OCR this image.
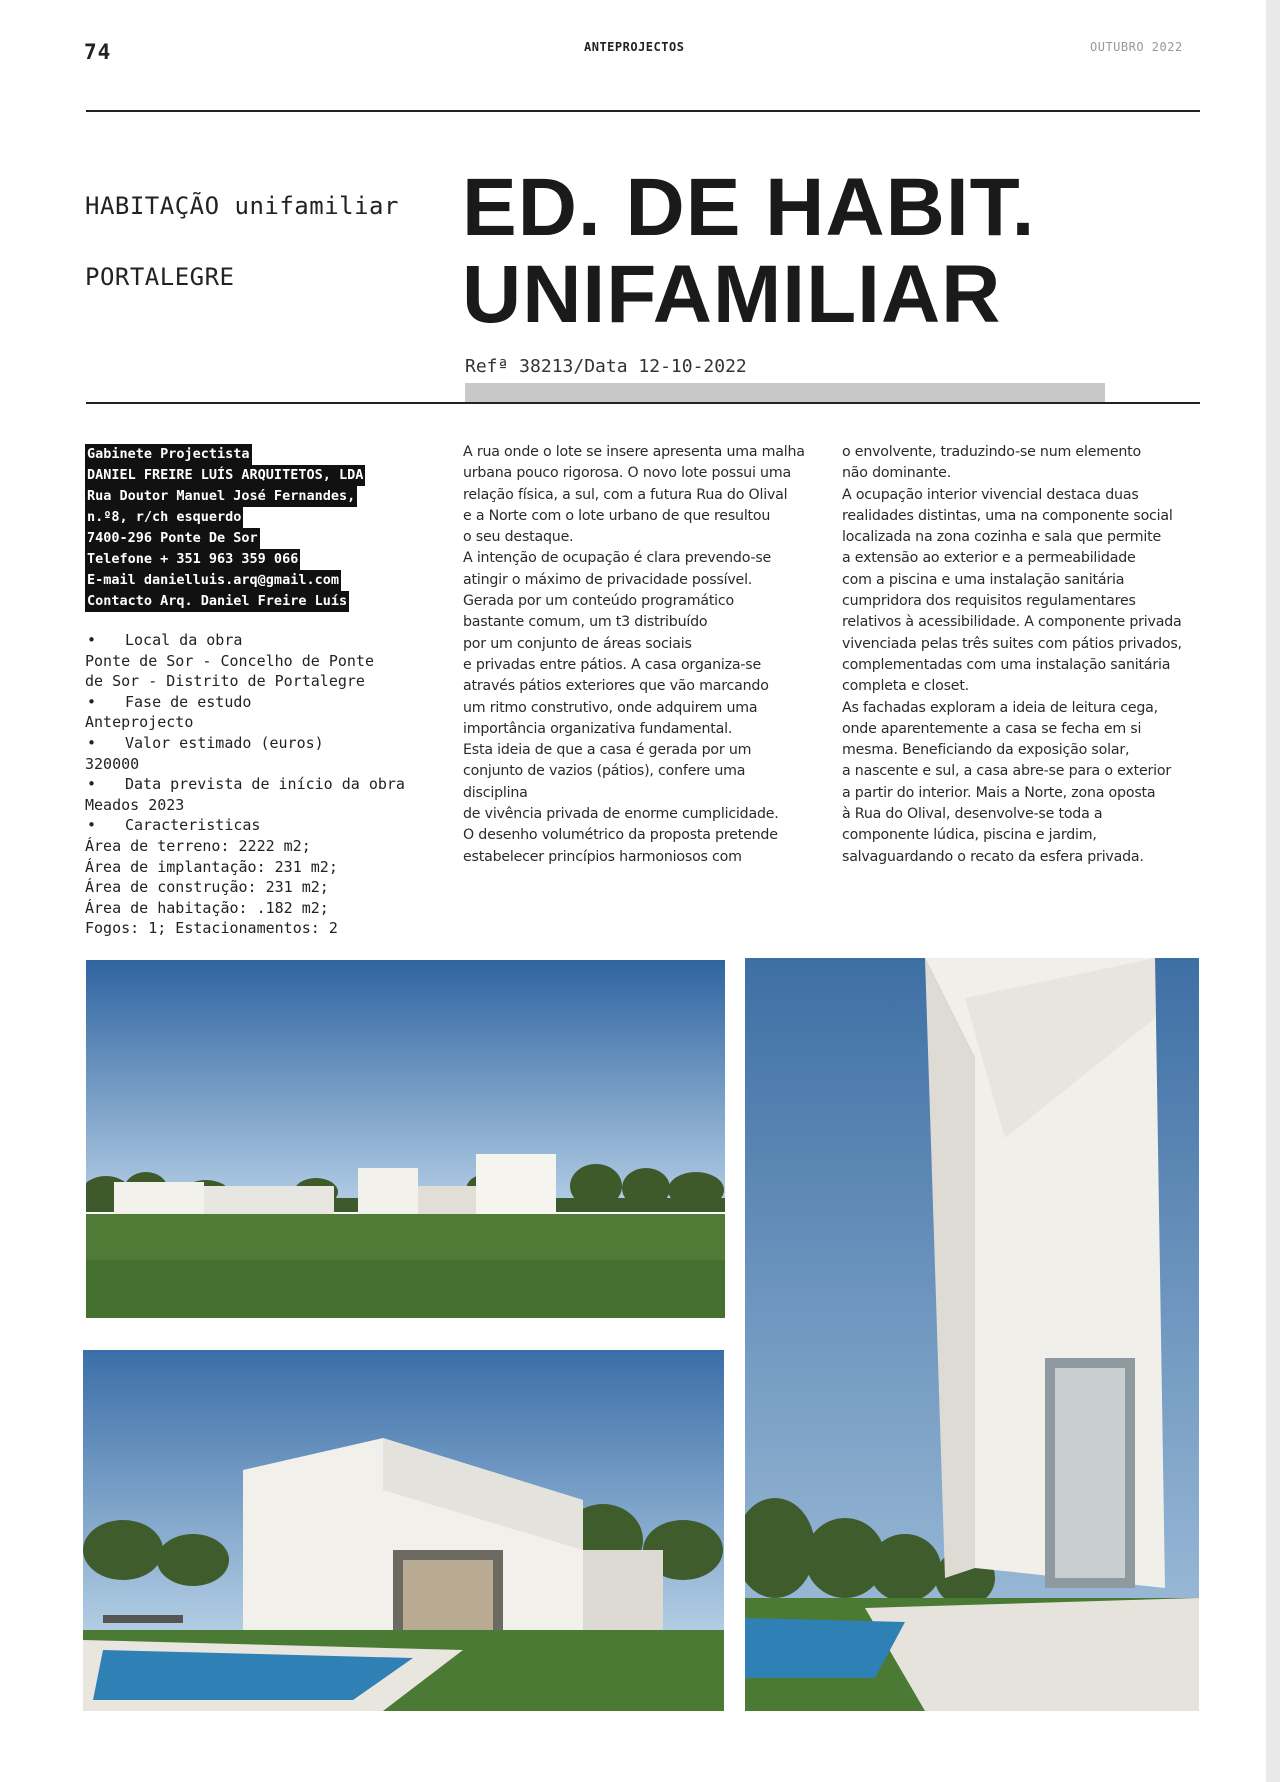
74	ANTEPROJECTOS	OUTUBRO 2022
HABITAÇÃO unifamiliar
PORTALEGRE
ED. DE HABIT.
UNIFAMILIAR
Refª 38213/Data 12-10-2022
Gabinete Projectista
DANIEL FREIRE LUÍS ARQUITETOS, LDA
Rua Doutor Manuel José Fernandes,
n.º8, r/ch esquerdo
7400-296 Ponte De Sor
Telefone + 351 963 359 066
E-mail danielluis.arq@gmail.com
Contacto Arq. Daniel Freire Luís
• Local da obra
Ponte de Sor - Concelho de Ponte
de Sor - Distrito de Portalegre
• Fase de estudo
Anteprojecto
• Valor estimado (euros)
320000
• Data prevista de início da obra
Meados 2023
• Caracteristicas
Área de terreno: 2222 m2;
Área de implantação: 231 m2;
Área de construção: 231 m2;
Área de habitação: .182 m2;
Fogos: 1; Estacionamentos: 2
A rua onde o lote se insere apresenta uma malha
urbana pouco rigorosa. O novo lote possui uma
relação física, a sul, com a futura Rua do Olival
e a Norte com o lote urbano de que resultou
o seu destaque.
A intenção de ocupação é clara prevendo-se
atingir o máximo de privacidade possível.
Gerada por um conteúdo programático
bastante comum, um t3 distribuído
por um conjunto de áreas sociais
e privadas entre pátios. A casa organiza-se
através pátios exteriores que vão marcando
um ritmo construtivo, onde adquirem uma
importância organizativa fundamental.
Esta ideia de que a casa é gerada por um
conjunto de vazios (pátios), confere uma
disciplina
de vivência privada de enorme cumplicidade.
O desenho volumétrico da proposta pretende
estabelecer princípios harmoniosos com
o envolvente, traduzindo-se num elemento
não dominante.
A ocupação interior vivencial destaca duas
realidades distintas, uma na componente social
localizada na zona cozinha e sala que permite
a extensão ao exterior e a permeabilidade
com a piscina e uma instalação sanitária
cumpridora dos requisitos regulamentares
relativos à acessibilidade. A componente privada
vivenciada pelas três suites com pátios privados,
complementadas com uma instalação sanitária
completa e closet.
As fachadas exploram a ideia de leitura cega,
onde aparentemente a casa se fecha em si
mesma. Beneficiando da exposição solar,
a nascente e sul, a casa abre-se para o exterior
a partir do interior. Mais a Norte, zona oposta
à Rua do Olival, desenvolve-se toda a
componente lúdica, piscina e jardim,
salvaguardando o recato da esfera privada.
